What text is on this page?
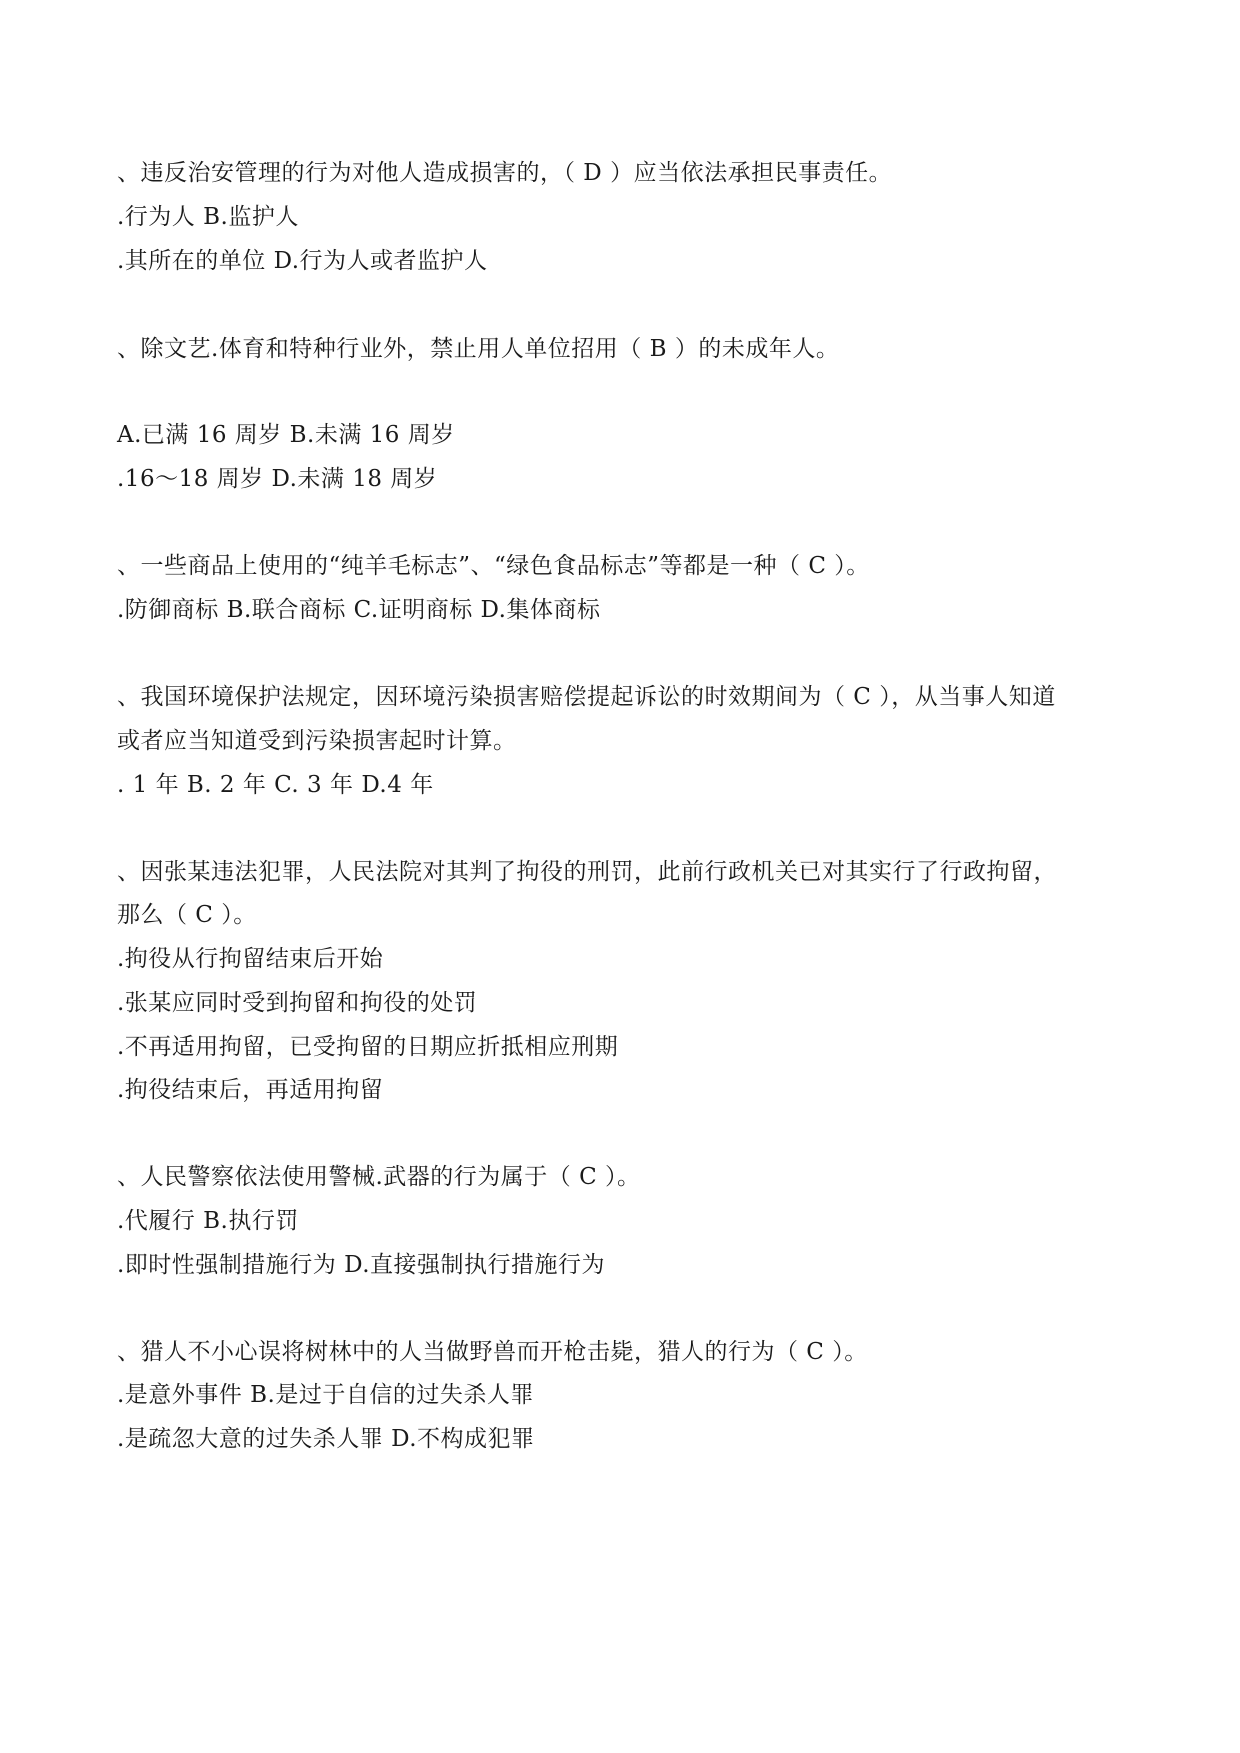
、违反治安管理的行为对他人造成损害的，（ D ）应当依法承担民事责任。
.行为人 B.监护人
.其所在的单位 D.行为人或者监护人
、除文艺.体育和特种行业外，禁止用人单位招用（ B ）的未成年人。
A.已满 16 周岁 B.未满 16 周岁
.16～18 周岁 D.未满 18 周岁
、一些商品上使用的“纯羊毛标志”、“绿色食品标志”等都是一种（ C ）。
.防御商标 B.联合商标 C.证明商标 D.集体商标
、我国环境保护法规定，因环境污染损害赔偿提起诉讼的时效期间为（ C ），从当事人知道
或者应当知道受到污染损害起时计算。
. 1 年 B. 2 年 C. 3 年 D.4 年
、因张某违法犯罪，人民法院对其判了拘役的刑罚，此前行政机关已对其实行了行政拘留，
那么（ C ）。
.拘役从行拘留结束后开始
.张某应同时受到拘留和拘役的处罚
.不再适用拘留，已受拘留的日期应折抵相应刑期
.拘役结束后，再适用拘留
、人民警察依法使用警械.武器的行为属于（ C ）。
.代履行 B.执行罚
.即时性强制措施行为 D.直接强制执行措施行为
、猎人不小心误将树林中的人当做野兽而开枪击毙，猎人的行为（ C ）。
.是意外事件 B.是过于自信的过失杀人罪
.是疏忽大意的过失杀人罪 D.不构成犯罪
